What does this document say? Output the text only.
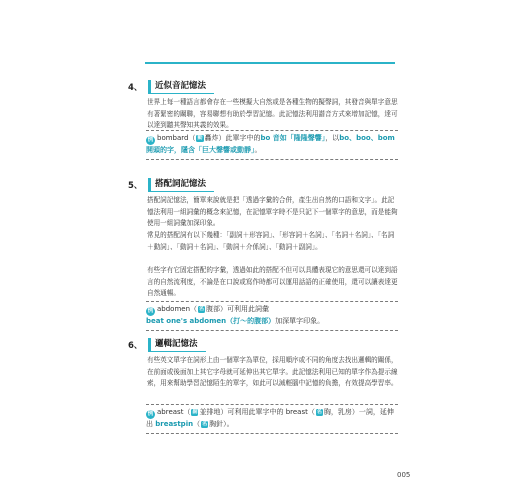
4、	近似音記憶法

世界上每一種語言都會存在一些模擬大自然或是各種生物的擬聲詞，其發音與單字意思有著緊密的關聯，容易聯想有助於學習記憶。此記憶法利用諧音方式來增加記憶，達可以達到聽其聲知其義的效果。

例 bombard（ 動 轟炸）此單字中的bo 音如「隆隆聲響」，以bo、boo、bom 開頭的字，隱含「巨大聲響或動靜」。
5、	搭配詞記憶法

搭配詞記憶法，簡單來說就是把「透過字彙的合併，產生出自然的口語和文字」。此記憶法利用一組詞彙的概念來記憶，在記憶單字時不是只記下一個單字的意思，而是能夠使用一組詞彙加深印象。

常見的搭配詞有以下幾種：「副詞＋形容詞」、「形容詞＋名詞」、「名詞＋名詞」、「名詞＋動詞」、「動詞＋名詞」、「動詞＋介係詞」、「動詞＋副詞」。

有些字有它固定搭配的字彙，透過如此的搭配不但可以具體表現它的意思還可以達到語言的自然流利度，不論是在口說或寫作時都可以運用話語的正確使用，還可以讓表達更自然通暢。

例 abdomen（ 名 腹部）可利用此詞彙 beat one's abdomen（打～的腹部）加深單字印象。
6、	邏輯記憶法

有些英文單字在詞形上由一個單字為單位，採用順序或不同的角度去找出邏輯的關係，在前面或後面加上其它字母就可延伸出其它單字。此記憶法利用已知的單字作為提示線索，用來幫助學習記憶陌生的單字，如此可以減輕腦中記憶的負擔，有效提高學習率。

例 abreast（ 副 並排地）可利用此單字中的 breast（ 名 胸，乳房）一詞，延伸出 breastpin（ 名 胸針）。
005
